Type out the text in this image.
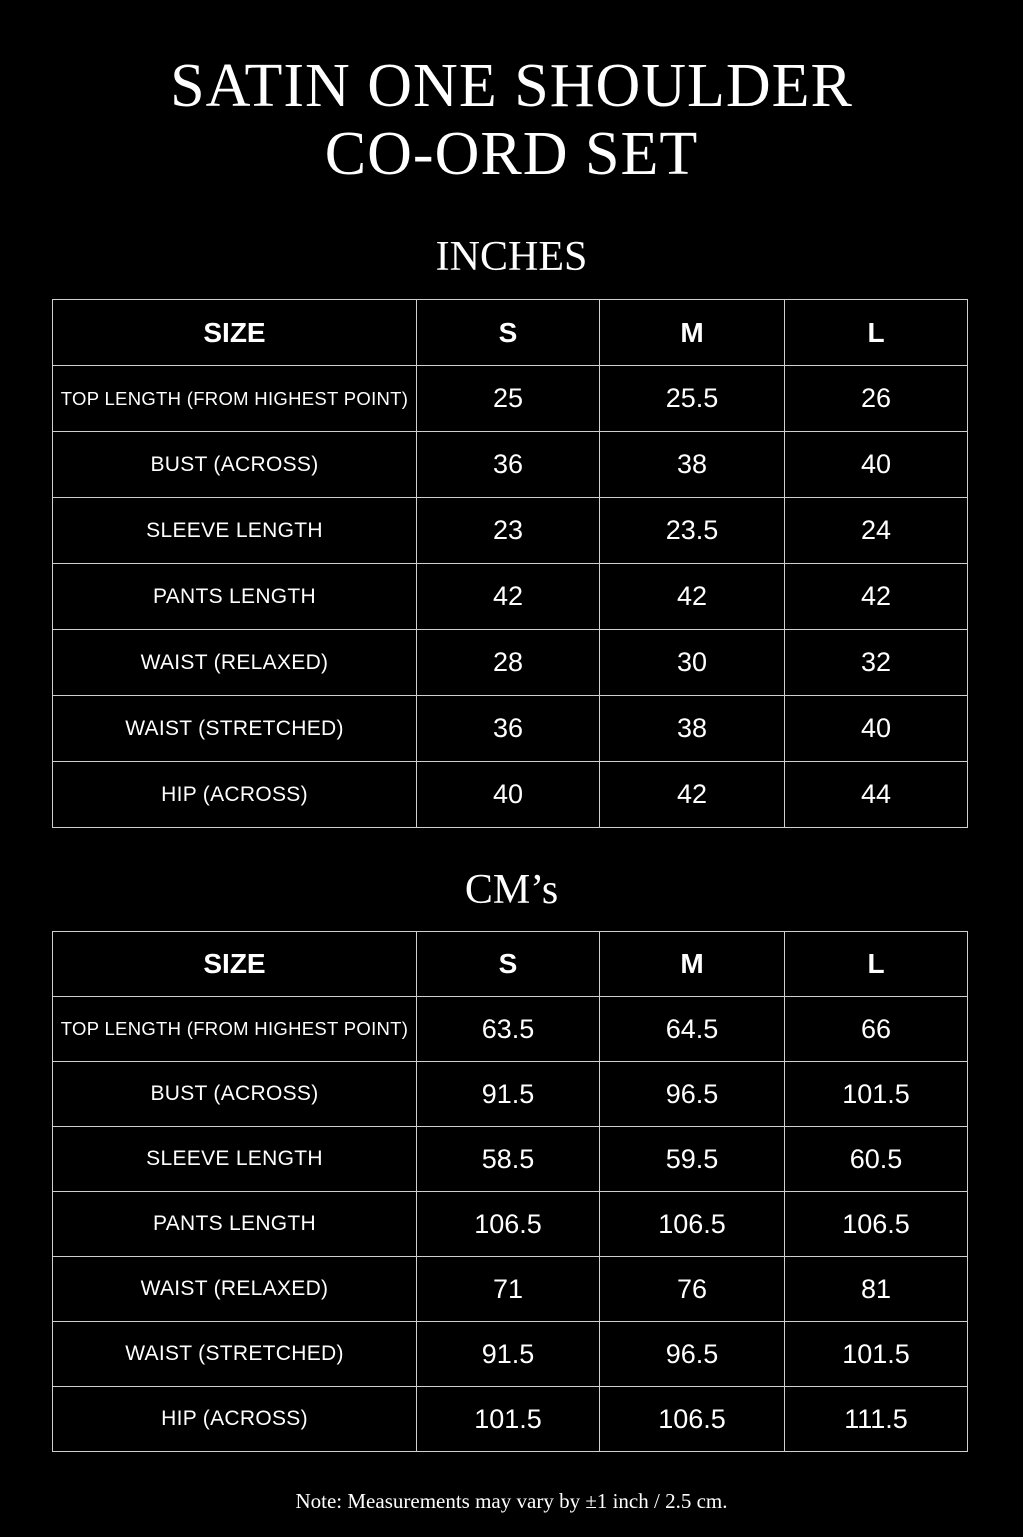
SATIN ONE SHOULDER
CO-ORD SET
INCHES
SIZE	S	M	L
TOP LENGTH (FROM HIGHEST POINT)	25	25.5	26
BUST (ACROSS)	36	38	40
SLEEVE LENGTH	23	23.5	24
PANTS LENGTH	42	42	42
WAIST (RELAXED)	28	30	32
WAIST (STRETCHED)	36	38	40
HIP (ACROSS)	40	42	44
CM’s
SIZE	S	M	L
TOP LENGTH (FROM HIGHEST POINT)	63.5	64.5	66
BUST (ACROSS)	91.5	96.5	101.5
SLEEVE LENGTH	58.5	59.5	60.5
PANTS LENGTH	106.5	106.5	106.5
WAIST (RELAXED)	71	76	81
WAIST (STRETCHED)	91.5	96.5	101.5
HIP (ACROSS)	101.5	106.5	111.5
Note: Measurements may vary by ±1 inch / 2.5 cm.
